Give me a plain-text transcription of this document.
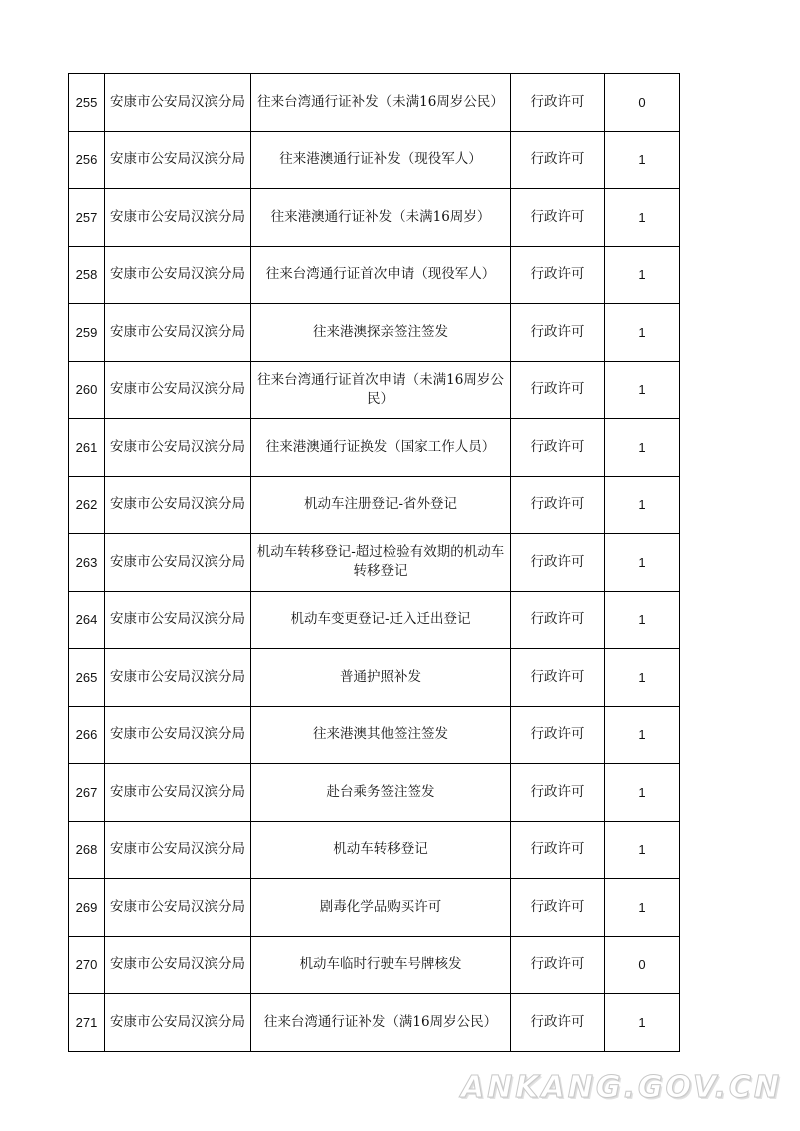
255	安康市公安局汉滨分局	往来台湾通行证补发（未满16周岁公民）	行政许可	0
256	安康市公安局汉滨分局	往来港澳通行证补发（现役军人）	行政许可	1
257	安康市公安局汉滨分局	往来港澳通行证补发（未满16周岁）	行政许可	1
258	安康市公安局汉滨分局	往来台湾通行证首次申请（现役军人）	行政许可	1
259	安康市公安局汉滨分局	往来港澳探亲签注签发	行政许可	1
260	安康市公安局汉滨分局	往来台湾通行证首次申请（未满16周岁公民）	行政许可	1
261	安康市公安局汉滨分局	往来港澳通行证换发（国家工作人员）	行政许可	1
262	安康市公安局汉滨分局	机动车注册登记-省外登记	行政许可	1
263	安康市公安局汉滨分局	机动车转移登记-超过检验有效期的机动车转移登记	行政许可	1
264	安康市公安局汉滨分局	机动车变更登记-迁入迁出登记	行政许可	1
265	安康市公安局汉滨分局	普通护照补发	行政许可	1
266	安康市公安局汉滨分局	往来港澳其他签注签发	行政许可	1
267	安康市公安局汉滨分局	赴台乘务签注签发	行政许可	1
268	安康市公安局汉滨分局	机动车转移登记	行政许可	1
269	安康市公安局汉滨分局	剧毒化学品购买许可	行政许可	1
270	安康市公安局汉滨分局	机动车临时行驶车号牌核发	行政许可	0
271	安康市公安局汉滨分局	往来台湾通行证补发（满16周岁公民）	行政许可	1
ANKANG.GOV.CN
